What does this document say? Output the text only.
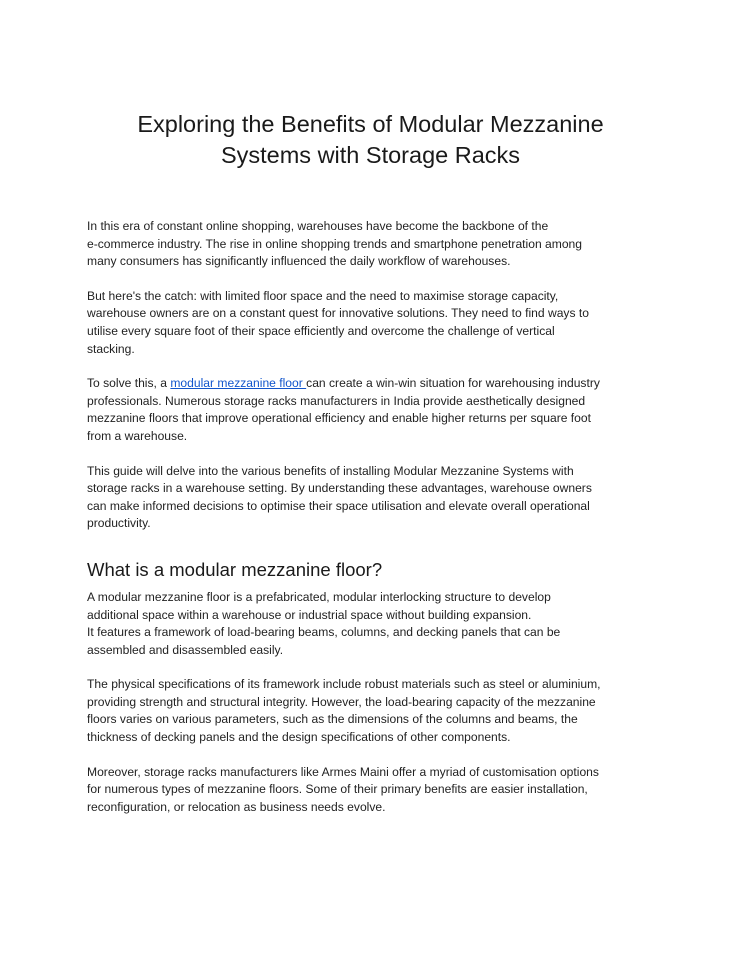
Exploring the Benefits of Modular Mezzanine
Systems with Storage Racks

In this era of constant online shopping, warehouses have become the backbone of the
e-commerce industry. The rise in online shopping trends and smartphone penetration among
many consumers has significantly influenced the daily workflow of warehouses.

But here's the catch: with limited floor space and the need to maximise storage capacity,
warehouse owners are on a constant quest for innovative solutions. They need to find ways to
utilise every square foot of their space efficiently and overcome the challenge of vertical
stacking.

To solve this, a modular mezzanine floor can create a win-win situation for warehousing industry
professionals. Numerous storage racks manufacturers in India provide aesthetically designed
mezzanine floors that improve operational efficiency and enable higher returns per square foot
from a warehouse.

This guide will delve into the various benefits of installing Modular Mezzanine Systems with
storage racks in a warehouse setting. By understanding these advantages, warehouse owners
can make informed decisions to optimise their space utilisation and elevate overall operational
productivity.

What is a modular mezzanine floor?

A modular mezzanine floor is a prefabricated, modular interlocking structure to develop
additional space within a warehouse or industrial space without building expansion.
It features a framework of load-bearing beams, columns, and decking panels that can be
assembled and disassembled easily.

The physical specifications of its framework include robust materials such as steel or aluminium,
providing strength and structural integrity. However, the load-bearing capacity of the mezzanine
floors varies on various parameters, such as the dimensions of the columns and beams, the
thickness of decking panels and the design specifications of other components.

Moreover, storage racks manufacturers like Armes Maini offer a myriad of customisation options
for numerous types of mezzanine floors. Some of their primary benefits are easier installation,
reconfiguration, or relocation as business needs evolve.
